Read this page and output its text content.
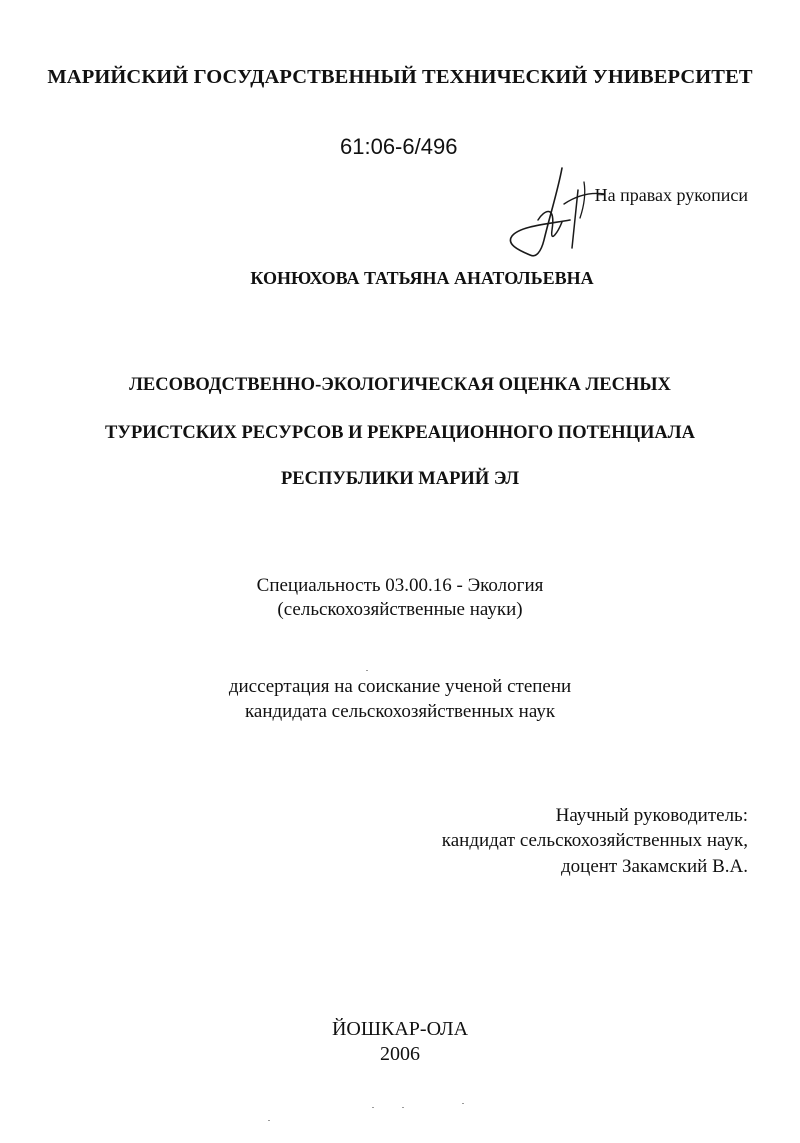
МАРИЙСКИЙ ГОСУДАРСТВЕННЫЙ ТЕХНИЧЕСКИЙ УНИВЕРСИТЕТ
61:06-6/496
На правах рукописи
КОНЮХОВА ТАТЬЯНА АНАТОЛЬЕВНА
ЛЕСОВОДСТВЕННО-ЭКОЛОГИЧЕСКАЯ ОЦЕНКА ЛЕСНЫХ
ТУРИСТСКИХ РЕСУРСОВ И РЕКРЕАЦИОННОГО ПОТЕНЦИАЛА
РЕСПУБЛИКИ МАРИЙ ЭЛ
Специальность 03.00.16 - Экология
(сельскохозяйственные науки)
диссертация на соискание ученой степени
кандидата сельскохозяйственных наук
Научный руководитель:
кандидат сельскохозяйственных наук,
доцент Закамский В.А.
ЙОШКАР-ОЛА
2006
